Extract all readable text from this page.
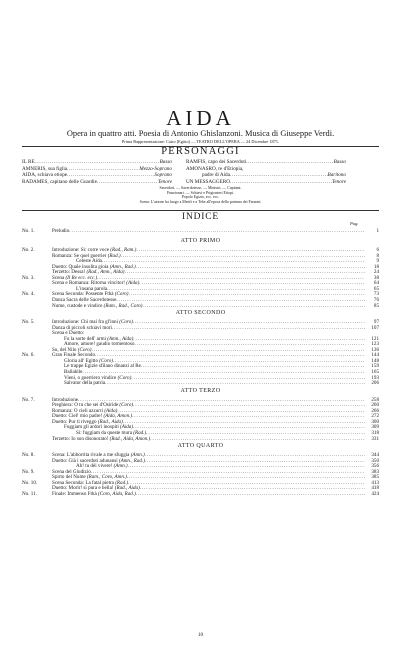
AIDA
Opera in quattro atti. Poesia di Antonio Ghislanzoni. Musica di Giuseppe Verdi.
Prima Rappresentazione: Cairo (Egitto) — TEATRO DELL'OPERA — 24 Dicembre 1871.
PERSONAGGI
IL RE .....	Basso	RAMFIS, capo dei Sacerdoti .....	Basso
AMNERIS, sua figlia .....	Mezzo-Soprano	AMONASRO, re d'Etiopia,
AIDA, schiava etiope .....	Soprano	padre di Aida .....	Baritono
RADAMES, capitano delle Guardie .....	Tenore	UN MESSAGGERO .....	Tenore
Sacerdoti, — Sacerdotesse, — Ministri, — Capitani.
Funzionari. — Schiavi e Prigionieri Etiopi.
Popolo Egizio, ecc. ecc.
Scena: L'azione ha luogo a Menfi e a Tebe all'epoca della potenza dei Faraoni.
INDICE
Pag.
No. 1.	Preludio .....	1
ATTO PRIMO
No. 2.	Introduzione: Si: corre voce (Rad., Ram.) .....	6
Romanza: Se quel guerrier (Rad.) .....	8
Celeste Aida .....	9
Duetto: Quale insolita gioia (Amn., Rad.) .....	18
Terzetto: Dessa! (Rad., Amn., Aida) .....	24
No. 3.	Scena (Il Re ecc. ecc.) .....	38
Scena e Romanza: Ritorna vincitor! (Aida) .....	64
L'insana parola .....	65
No. 4.	Scena Seconda: Possente Fthà (Coro) .....	73
Danza Sacra delle Sacerdotesse .....	76
Nume, custode e vindice (Ram., Rad., Coro) .....	85
ATTO SECONDO
No. 5.	Introduzione: Chi mai fra gl'inni (Coro) .....	97
Danza di piccoli schiavi mori .....	107
Scena e Duetto:
Fu la sorte dell' armi (Amn., Aida) .....	121
Amore, amore! gaudio tormentoso .....	123
Su, del Nilo (Coro) .....	136
No. 6.	Gran Finale Secondo .....	144
Gloria all' Egitto (Coro) .....	148
Le trappe Egizie sfilano dinanzi al Re .....	159
Ballabile .....	165
Vieni, o guerriero vindice (Coro) .....	193
Salvator della patria .....	206
ATTO TERZO
No. 7.	Introduzione .....	258
Preghiera: O tu che sei d'Osiride (Coro) .....	260
Romanza: O cieli azzurri (Aida) .....	266
Duetto: Ciel! mio padre! (Aida, Amon.) .....	272
Duetto: Pur ti riveggo (Rad., Aida) .....	300
Fuggiam gli ardori inospiti (Aida) .....	309
Si: fuggiam da queste mura (Rad.) .....	318
Terzetto: Io son disonorato! (Rad., Aida, Amon.) .....	331
ATTO QUARTO
No. 8.	Scena: L'abborrita rivale a me sfuggia (Amn.) .....	344
Duetto: Già i sacerdoti adunansi (Amn., Rad.) .....	350
Ah! tu dèi vivere! (Amn.) .....	356
No. 9.	Scena del Giudizio .....	383
Spirto del Nume (Ram., Coro, Amn.) .....	385
No. 10.	Scena Seconda: La fatal pietra (Rad.) .....	413
Duetto: Morir! sì pura e bella! (Rad., Aida) .....	418
No. 11.	Finale: Immenso Fthà (Coro, Aida, Rad.) .....	424
10
